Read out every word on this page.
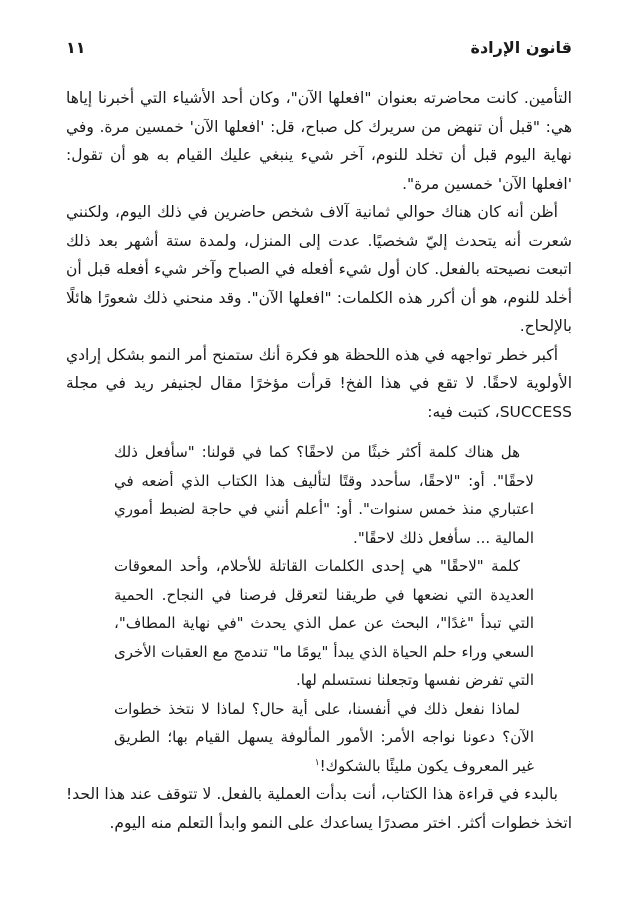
قانون الإرادة
١١

التأمين. كانت محاضرته بعنوان "افعلها الآن"، وكان أحد الأشياء التي أخبرنا إياها هي: "قبل أن تنهض من سريرك كل صباح، قل: 'افعلها الآن' خمسين مرة. وفي نهاية اليوم قبل أن تخلد للنوم، آخر شيء ينبغي عليك القيام به هو أن تقول: 'افعلها الآن' خمسين مرة".

أظن أنه كان هناك حوالي ثمانية آلاف شخص حاضرين في ذلك اليوم، ولكنني شعرت أنه يتحدث إليّ شخصيًا. عدت إلى المنزل، ولمدة ستة أشهر بعد ذلك اتبعت نصيحته بالفعل. كان أول شيء أفعله في الصباح وآخر شيء أفعله قبل أن أخلد للنوم، هو أن أكرر هذه الكلمات: "افعلها الآن". وقد منحني ذلك شعورًا هائلًا بالإلحاح.

أكبر خطر تواجهه في هذه اللحظة هو فكرة أنك ستمنح أمر النمو بشكل إرادي الأولوية لاحقًا. لا تقع في هذا الفخ! قرأت مؤخرًا مقال لجنيفر ريد في مجلة SUCCESS، كتبت فيه:

هل هناك كلمة أكثر خبثًا من لاحقًا؟ كما في قولنا: "سأفعل ذلك لاحقًا". أو: "لاحقًا، سأحدد وقتًا لتأليف هذا الكتاب الذي أضعه في اعتباري منذ خمس سنوات". أو: "أعلم أنني في حاجة لضبط أموري المالية ... سأفعل ذلك لاحقًا".

كلمة "لاحقًا" هي إحدى الكلمات القاتلة للأحلام، وأحد المعوقات العديدة التي نضعها في طريقنا لتعرقل فرصنا في النجاح. الحمية التي تبدأ "غدًا"، البحث عن عمل الذي يحدث "في نهاية المطاف"، السعي وراء حلم الحياة الذي يبدأ "يومًا ما" تندمج مع العقبات الأخرى التي تفرض نفسها وتجعلنا نستسلم لها.

لماذا نفعل ذلك في أنفسنا، على أية حال؟ لماذا لا نتخذ خطوات الآن؟ دعونا نواجه الأمر: الأمور المألوفة يسهل القيام بها؛ الطريق غير المعروف يكون مليئًا بالشكوك!$^١$

بالبدء في قراءة هذا الكتاب، أنت بدأت العملية بالفعل. لا تتوقف عند هذا الحد! اتخذ خطوات أكثر. اختر مصدرًا يساعدك على النمو وابدأ التعلم منه اليوم.
